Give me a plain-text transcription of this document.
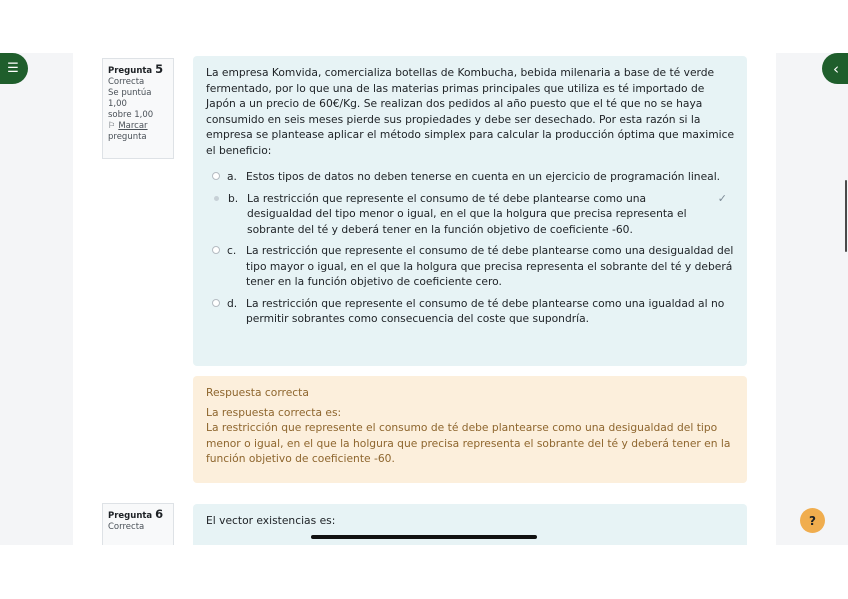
☰	‹
Pregunta 5
Correcta
Se puntúa 1,00
sobre 1,00
⚐ Marcar
pregunta

La empresa Komvida, comercializa botellas de Kombucha, bebida milenaria a base de té verde fermentado, por lo que una de las materias primas principales que utiliza es té importado de Japón a un precio de 60€/Kg. Se realizan dos pedidos al año puesto que el té que no se haya consumido en seis meses pierde sus propiedades y debe ser desechado. Por esta razón si la empresa se plantease aplicar el método simplex para calcular la producción óptima que maximice el beneficio:

a. Estos tipos de datos no deben tenerse en cuenta en un ejercicio de programación lineal.
b. La restricción que represente el consumo de té debe plantearse como una desigualdad del tipo menor o igual, en el que la holgura que precisa representa el sobrante del té y deberá tener en la función objetivo de coeficiente -60.
✓
c. La restricción que represente el consumo de té debe plantearse como una desigualdad del tipo mayor o igual, en el que la holgura que precisa representa el sobrante del té y deberá tener en la función objetivo de coeficiente cero.
d. La restricción que represente el consumo de té debe plantearse como una igualdad al no permitir sobrantes como consecuencia del coste que supondría.

Respuesta correcta

La respuesta correcta es:

La restricción que represente el consumo de té debe plantearse como una desigualdad del tipo menor o igual, en el que la holgura que precisa representa el sobrante del té y deberá tener en la función objetivo de coeficiente -60.

Pregunta 6
Correcta	El vector existencias es:	?
